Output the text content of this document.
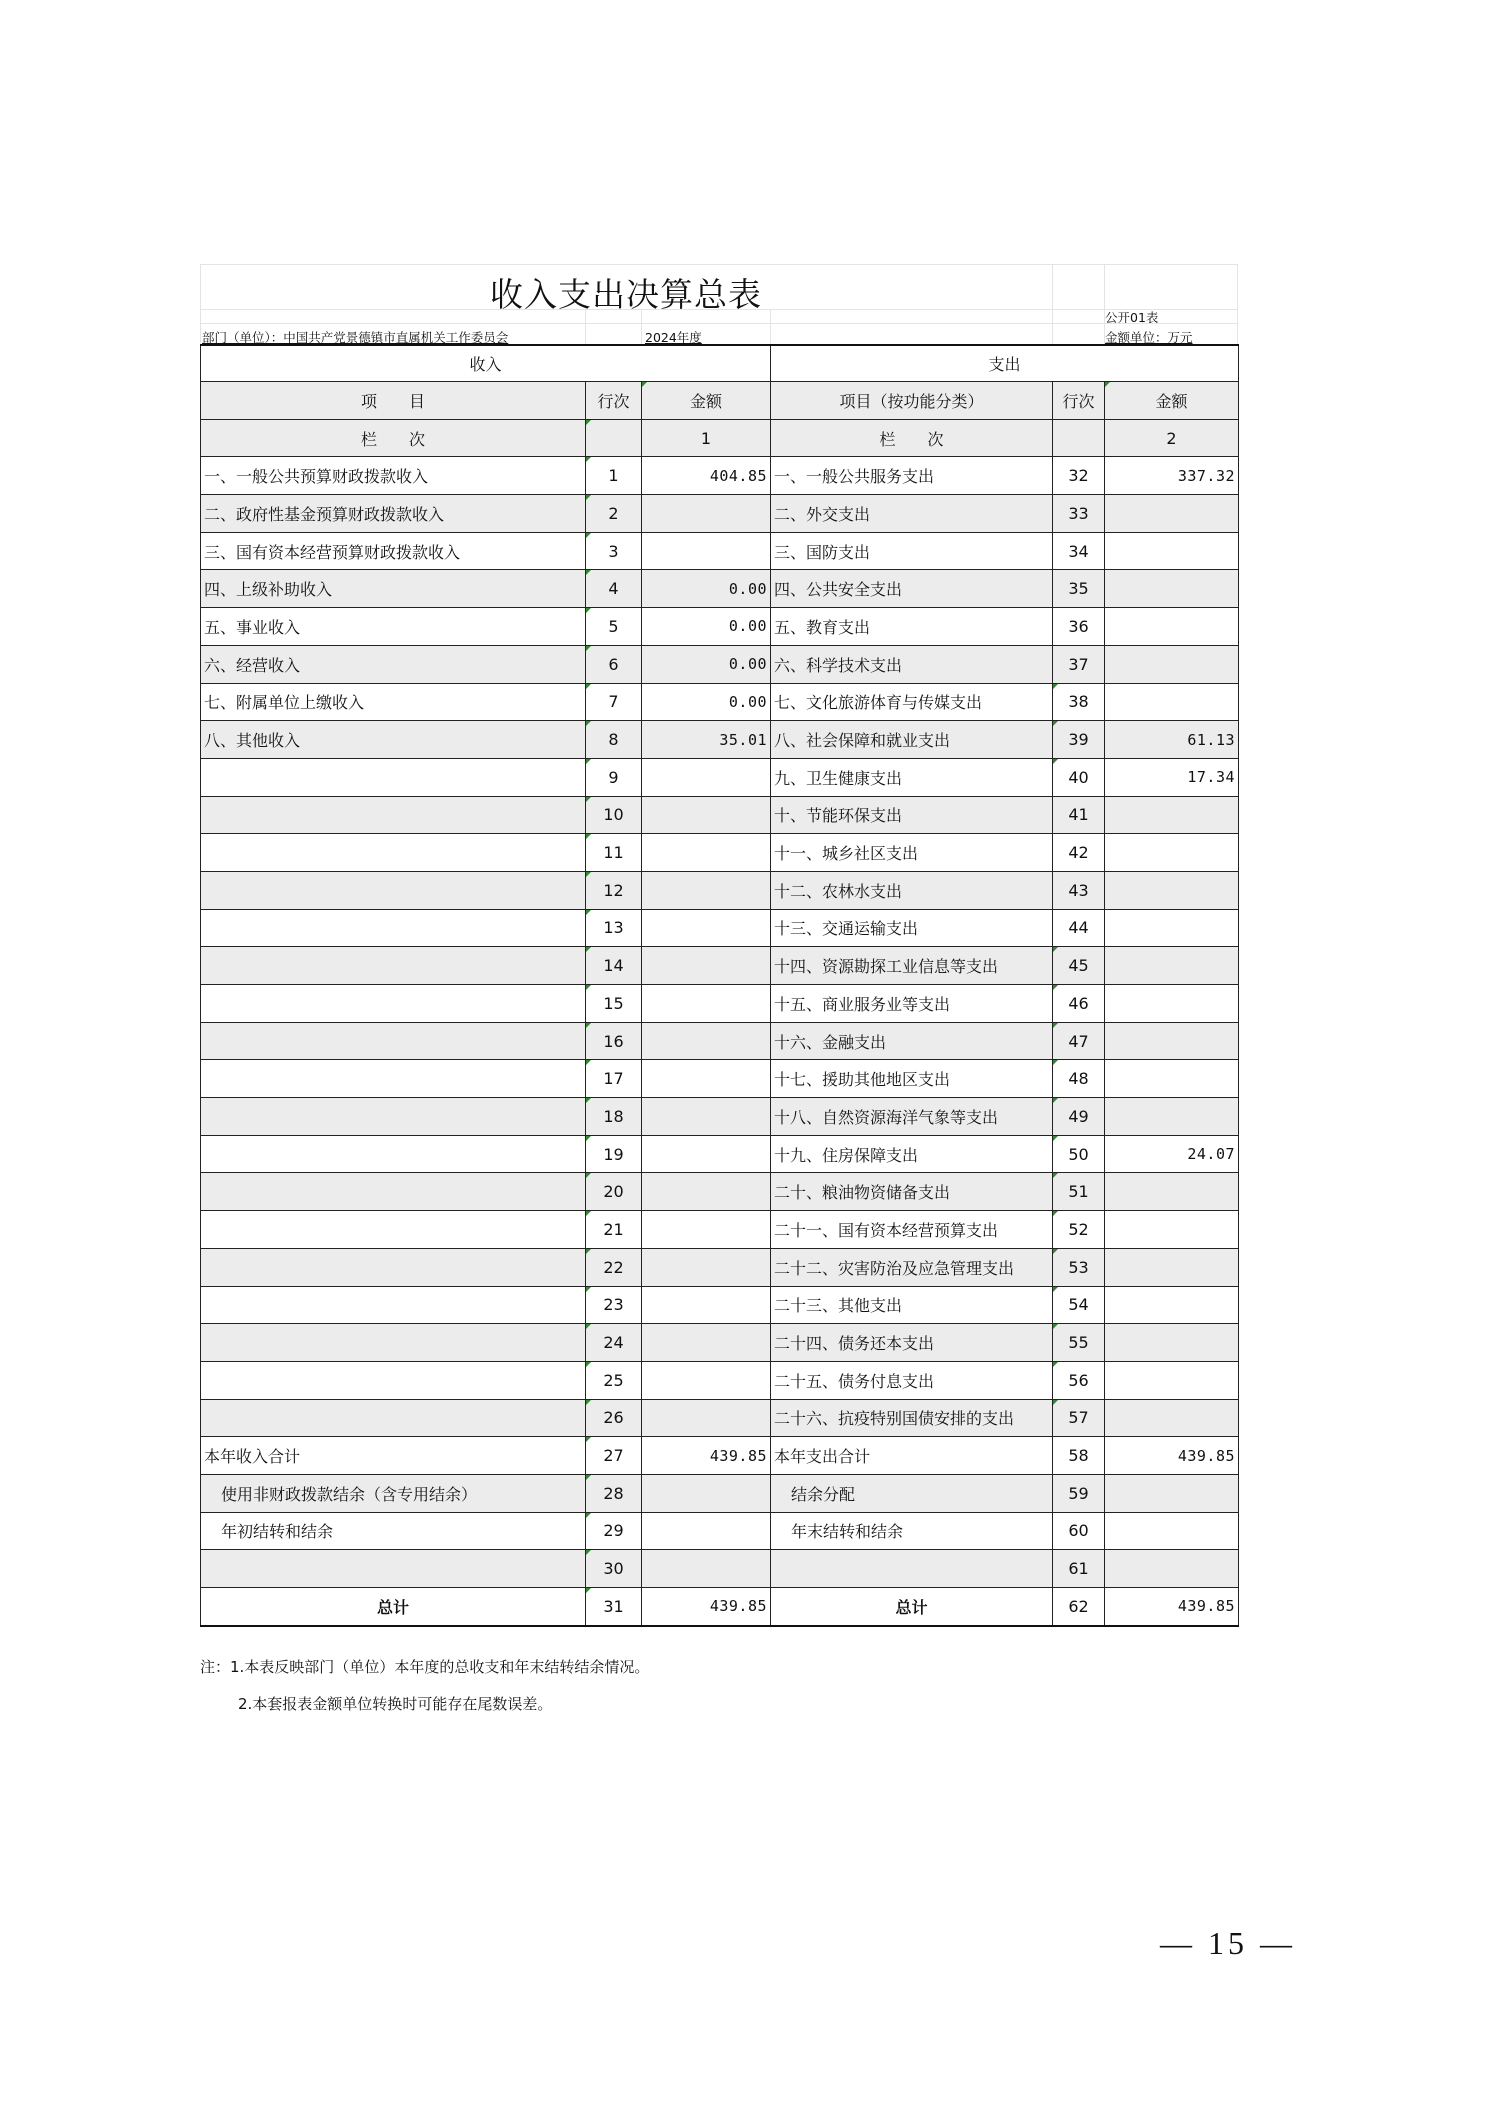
收入支出决算总表
公开01表
部门（单位）：中国共产党景德镇市直属机关工作委员会	2024年度	金额单位：万元
收入			支出		
项　　目	行次	金额	项目（按功能分类）	行次	金额
栏　　次		1	栏　　次		2
一、一般公共预算财政拨款收入	1	404.85	一、一般公共服务支出	32	337.32
二、政府性基金预算财政拨款收入	2		二、外交支出	33	
三、国有资本经营预算财政拨款收入	3		三、国防支出	34	
四、上级补助收入	4	0.00	四、公共安全支出	35	
五、事业收入	5	0.00	五、教育支出	36	
六、经营收入	6	0.00	六、科学技术支出	37	
七、附属单位上缴收入	7	0.00	七、文化旅游体育与传媒支出	38	
八、其他收入	8	35.01	八、社会保障和就业支出	39	61.13
	9		九、卫生健康支出	40	17.34
	10		十、节能环保支出	41	
	11		十一、城乡社区支出	42	
	12		十二、农林水支出	43	
	13		十三、交通运输支出	44	
	14		十四、资源勘探工业信息等支出	45	
	15		十五、商业服务业等支出	46	
	16		十六、金融支出	47	
	17		十七、援助其他地区支出	48	
	18		十八、自然资源海洋气象等支出	49	
	19		十九、住房保障支出	50	24.07
	20		二十、粮油物资储备支出	51	
	21		二十一、国有资本经营预算支出	52	
	22		二十二、灾害防治及应急管理支出	53	
	23		二十三、其他支出	54	
	24		二十四、债务还本支出	55	
	25		二十五、债务付息支出	56	
	26		二十六、抗疫特别国债安排的支出	57	
本年收入合计	27	439.85	本年支出合计	58	439.85
使用非财政拨款结余（含专用结余）	28		结余分配	59	
年初结转和结余	29		年末结转和结余	60	
	30			61	
总计	31	439.85	总计	62	439.85
注：1.本表反映部门（单位）本年度的总收支和年末结转结余情况。
2.本套报表金额单位转换时可能存在尾数误差。
— 15 —
